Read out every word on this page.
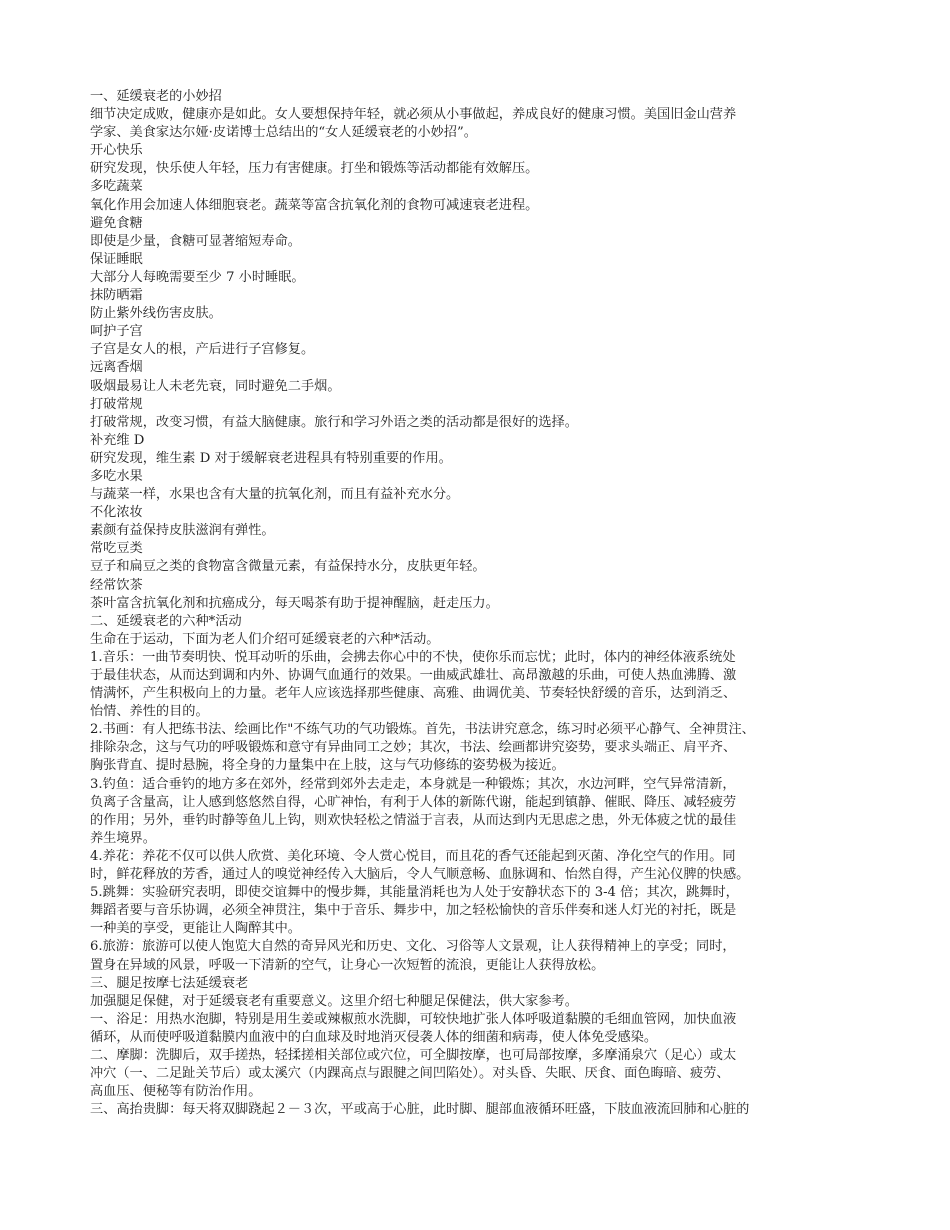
一、延缓衰老的小妙招
细节决定成败，健康亦是如此。女人要想保持年轻，就必须从小事做起，养成良好的健康习惯。美国旧金山营养
学家、美食家达尔娅·皮诺博士总结出的“女人延缓衰老的小妙招”。
开心快乐
研究发现，快乐使人年轻，压力有害健康。打坐和锻炼等活动都能有效解压。
多吃蔬菜
氧化作用会加速人体细胞衰老。蔬菜等富含抗氧化剂的食物可减速衰老进程。
避免食糖
即使是少量，食糖可显著缩短寿命。
保证睡眠
大部分人每晚需要至少 7 小时睡眠。
抹防晒霜
防止紫外线伤害皮肤。
呵护子宫
子宫是女人的根，产后进行子宫修复。
远离香烟
吸烟最易让人未老先衰，同时避免二手烟。
打破常规
打破常规，改变习惯，有益大脑健康。旅行和学习外语之类的活动都是很好的选择。
补充维 D
研究发现，维生素 D 对于缓解衰老进程具有特别重要的作用。
多吃水果
与蔬菜一样，水果也含有大量的抗氧化剂，而且有益补充水分。
不化浓妆
素颜有益保持皮肤滋润有弹性。
常吃豆类
豆子和扁豆之类的食物富含微量元素，有益保持水分，皮肤更年轻。
经常饮茶
茶叶富含抗氧化剂和抗癌成分，每天喝茶有助于提神醒脑，赶走压力。
二、延缓衰老的六种*活动
生命在于运动，下面为老人们介绍可延缓衰老的六种*活动。
1.音乐：一曲节奏明快、悦耳动听的乐曲，会拂去你心中的不快，使你乐而忘忧；此时，体内的神经体液系统处
于最佳状态，从而达到调和内外、协调气血通行的效果。一曲威武雄壮、高昂激越的乐曲，可使人热血沸腾、激
情满怀，产生积极向上的力量。老年人应该选择那些健康、高雅、曲调优美、节奏轻快舒缓的音乐，达到消乏、
怡情、养性的目的。
2.书画：有人把练书法、绘画比作"不练气功的气功锻炼。首先，书法讲究意念，练习时必须平心静气、全神贯注、
排除杂念，这与气功的呼吸锻炼和意守有异曲同工之妙；其次，书法、绘画都讲究姿势，要求头端正、肩平齐、
胸张背直、提时悬腕，将全身的力量集中在上肢，这与气功修练的姿势极为接近。
3.钓鱼：适合垂钓的地方多在郊外，经常到郊外去走走，本身就是一种锻炼；其次，水边河畔，空气异常清新，
负离子含量高，让人感到悠悠然自得，心旷神怡，有利于人体的新陈代谢，能起到镇静、催眠、降压、减轻疲劳
的作用；另外，垂钓时静等鱼儿上钩，则欢快轻松之情溢于言表，从而达到内无思虑之患，外无体疲之忧的最佳
养生境界。
4.养花：养花不仅可以供人欣赏、美化环境、令人赏心悦目，而且花的香气还能起到灭菌、净化空气的作用。同
时，鲜花释放的芳香，通过人的嗅觉神经传入大脑后，令人气顺意畅、血脉调和、怡然自得，产生沁仪脾的快感。
5.跳舞：实验研究表明，即使交谊舞中的慢步舞，其能量消耗也为人处于安静状态下的 3-4 倍；其次，跳舞时，
舞蹈者要与音乐协调，必须全神贯注，集中于音乐、舞步中，加之轻松愉快的音乐伴奏和迷人灯光的衬托，既是
一种美的享受，更能让人陶醉其中。
6.旅游：旅游可以使人饱览大自然的奇异风光和历史、文化、习俗等人文景观，让人获得精神上的享受；同时，
置身在异域的风景，呼吸一下清新的空气，让身心一次短暂的流浪，更能让人获得放松。
三、腿足按摩七法延缓衰老
加强腿足保健，对于延缓衰老有重要意义。这里介绍七种腿足保健法，供大家参考。
一、浴足：用热水泡脚，特别是用生姜或辣椒煎水洗脚，可较快地扩张人体呼吸道黏膜的毛细血管网，加快血液
循环，从而使呼吸道黏膜内血液中的白血球及时地消灭侵袭人体的细菌和病毒，使人体免受感染。
二、摩脚：洗脚后，双手搓热，轻揉搓相关部位或穴位，可全脚按摩，也可局部按摩，多摩涌泉穴（足心）或太
冲穴（一、二足趾关节后）或太溪穴（内踝高点与跟腱之间凹陷处）。对头昏、失眠、厌食、面色晦暗、疲劳、
高血压、便秘等有防治作用。
三、高抬贵脚：每天将双脚跷起２－３次，平或高于心脏，此时脚、腿部血液循环旺盛，下肢血液流回肺和心脏的
